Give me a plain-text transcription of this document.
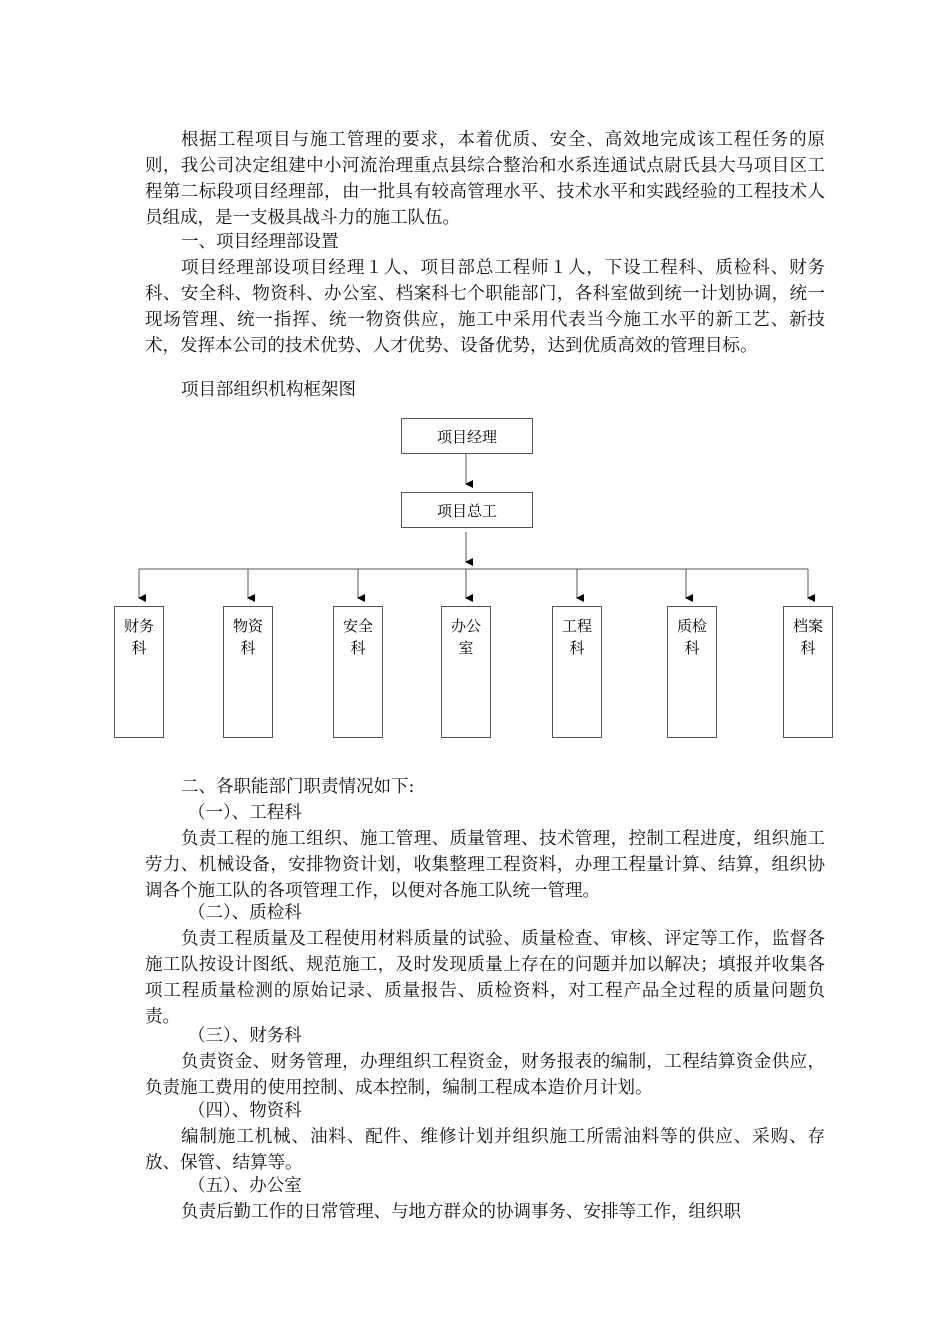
根据工程项目与施工管理的要求，本着优质、安全、高效地完成该工程任务的原则，我公司决定组建中小河流治理重点县综合整治和水系连通试点尉氏县大马项目区工程第二标段项目经理部，由一批具有较高管理水平、技术水平和实践经验的工程技术人员组成，是一支极具战斗力的施工队伍。

一、项目经理部设置

项目经理部设项目经理１人、项目部总工程师１人，下设工程科、质检科、财务科、安全科、物资科、办公室、档案科七个职能部门，各科室做到统一计划协调，统一现场管理、统一指挥、统一物资供应，施工中采用代表当今施工水平的新工艺、新技术，发挥本公司的技术优势、人才优势、设备优势，达到优质高效的管理目标。

项目部组织机构框架图

项目经理
项目总工
财务
科
物资
科
安全
科
办公
室
工程
科
质检
科
档案
科

二、各职能部门职责情况如下:

（一）、工程科

负责工程的施工组织、施工管理、质量管理、技术管理，控制工程进度，组织施工劳力、机械设备，安排物资计划，收集整理工程资料，办理工程量计算、结算，组织协调各个施工队的各项管理工作，以便对各施工队统一管理。

（二）、质检科

负责工程质量及工程使用材料质量的试验、质量检查、审核、评定等工作，监督各施工队按设计图纸、规范施工，及时发现质量上存在的问题并加以解决；填报并收集各项工程质量检测的原始记录、质量报告、质检资料，对工程产品全过程的质量问题负责。

（三）、财务科

负责资金、财务管理，办理组织工程资金，财务报表的编制，工程结算资金供应，负责施工费用的使用控制、成本控制，编制工程成本造价月计划。

（四）、物资科

编制施工机械、油料、配件、维修计划并组织施工所需油料等的供应、采购、存放、保管、结算等。

（五）、办公室

负责后勤工作的日常管理、与地方群众的协调事务、安排等工作，组织职
